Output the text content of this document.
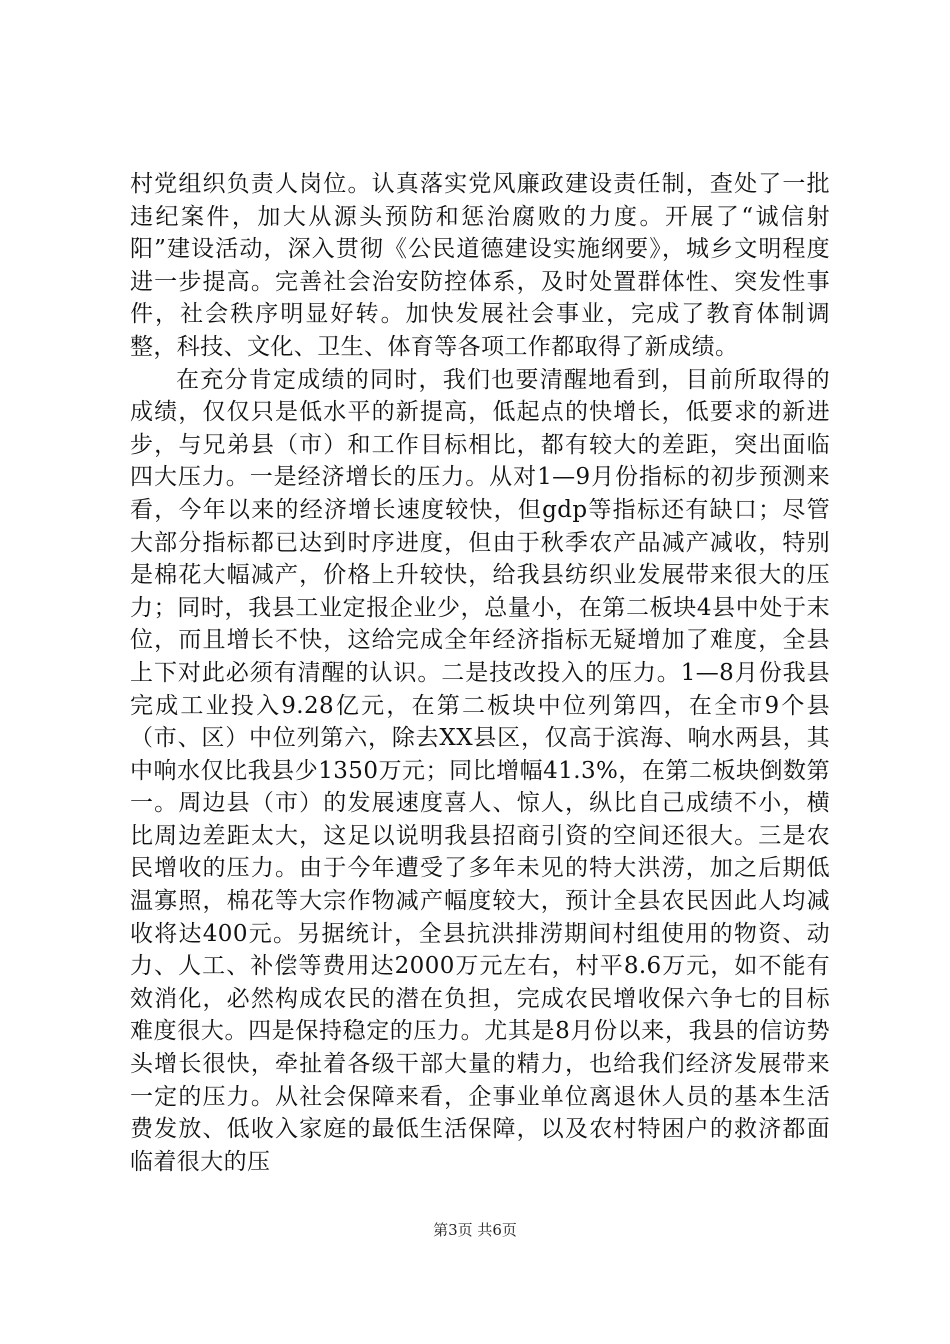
村党组织负责人岗位。认真落实党风廉政建设责任制，查处了一批违纪案件，加大从源头预防和惩治腐败的力度。开展了“诚信射阳”建设活动，深入贯彻《公民道德建设实施纲要》，城乡文明程度进一步提高。完善社会治安防控体系，及时处置群体性、突发性事件，社会秩序明显好转。加快发展社会事业，完成了教育体制调整，科技、文化、卫生、体育等各项工作都取得了新成绩。

在充分肯定成绩的同时，我们也要清醒地看到，目前所取得的成绩，仅仅只是低水平的新提高，低起点的快增长，低要求的新进步，与兄弟县（市）和工作目标相比，都有较大的差距，突出面临四大压力。一是经济增长的压力。从对1—9月份指标的初步预测来看，今年以来的经济增长速度较快，但gdp等指标还有缺口；尽管大部分指标都已达到时序进度，但由于秋季农产品减产减收，特别是棉花大幅减产，价格上升较快，给我县纺织业发展带来很大的压力；同时，我县工业定报企业少，总量小，在第二板块4县中处于末位，而且增长不快，这给完成全年经济指标无疑增加了难度，全县上下对此必须有清醒的认识。二是技改投入的压力。1—8月份我县完成工业投入9.28亿元，在第二板块中位列第四，在全市9个县（市、区）中位列第六，除去XX县区，仅高于滨海、响水两县，其中响水仅比我县少1350万元；同比增幅41.3%，在第二板块倒数第一。周边县（市）的发展速度喜人、惊人，纵比自己成绩不小，横比周边差距太大，这足以说明我县招商引资的空间还很大。三是农民增收的压力。由于今年遭受了多年未见的特大洪涝，加之后期低温寡照，棉花等大宗作物减产幅度较大，预计全县农民因此人均减收将达400元。另据统计，全县抗洪排涝期间村组使用的物资、动力、人工、补偿等费用达2000万元左右，村平8.6万元，如不能有效消化，必然构成农民的潜在负担，完成农民增收保六争七的目标难度很大。四是保持稳定的压力。尤其是8月份以来，我县的信访势头增长很快，牵扯着各级干部大量的精力，也给我们经济发展带来一定的压力。从社会保障来看，企事业单位离退休人员的基本生活费发放、低收入家庭的最低生活保障，以及农村特困户的救济都面临着很大的压

第3页 共6页
